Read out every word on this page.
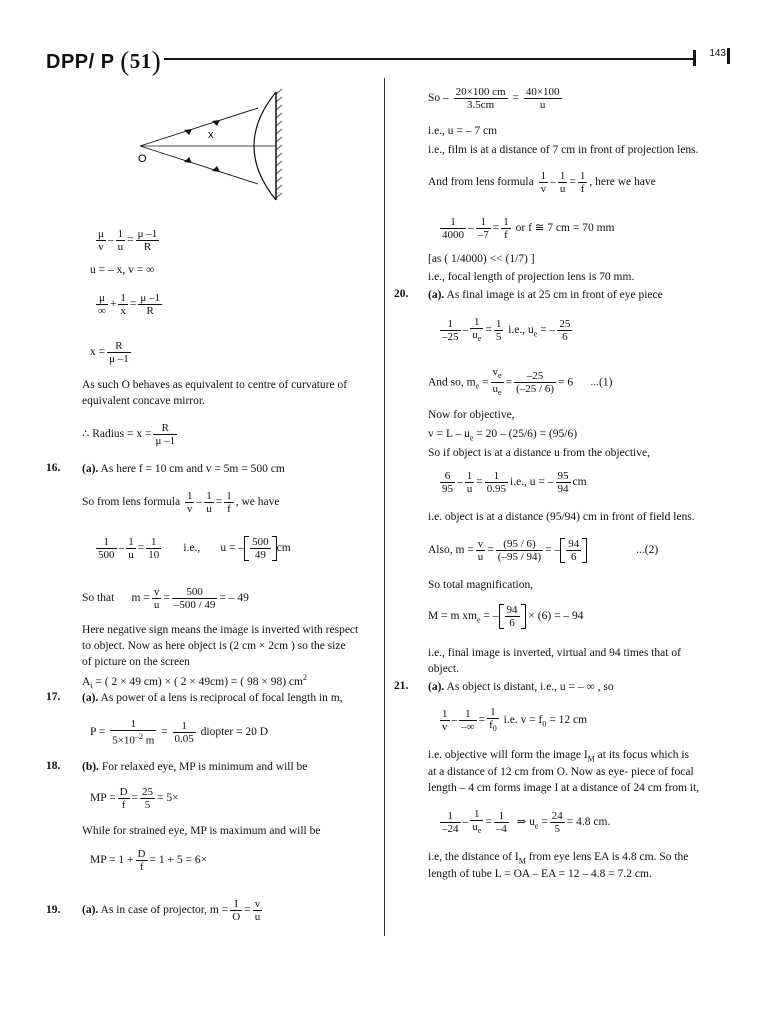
DPP/ P (51)	143
x
O
$\frac{\mu}{v} - \frac{1}{u} = \frac{\mu -1}{R}$
u = – x, v = ∞
$\frac{\mu}{\infty} + \frac{1}{x} = \frac{\mu -1}{R}$
$x = \frac{R}{\mu -1}$
As such O behaves as equivalent to centre of curvature of
equivalent concave mirror.
∴ Radius = $x = \frac{R}{\mu -1}$
16. (a). As here f = 10 cm and v = 5m = 500 cm
So from lens formula $\frac{1}{v} - \frac{1}{u} = \frac{1}{f}$ , we have
$\frac{1}{500} - \frac{1}{u} = \frac{1}{10} i.e$.,       u = – $\frac{500}{49}$ cm
So that      $m = \frac{v}{u} = \frac{500}{-500 / 49}$ = – 49
Here negative sign means the image is inverted with respect
to object. Now as here object is (2 cm × 2cm ) so the size
of picture on the screen
$A_i$ = ( 2 × 49 cm) × ( 2 × 49cm) = ( 98 × 98) $cm^2$
17. (a). As power of a lens is reciprocal of focal length in m,
$P = \frac{1}{5\times 10^{-2} m} = \frac{1}{0.05}$ diopter = 20 D
18. (b). For relaxed eye, MP is minimum and will be
MP = $\frac{D}{f} = \frac{25}{5} = 5\times$
While for strained eye, MP is maximum and will be
MP = $1 + \frac{D}{f} = 1 + 5 = 6\times$
19. (a). As in case of projector, $m = \frac{I}{O} = \frac{v}{u}$
$So - \frac{20\times 100 cm}{3.5cm} = \frac{40\times 100}{u}$
i.e., u = – 7 cm
i.e., film is at a distance of 7 cm in front of projection lens.
And from lens formula $\frac{1}{v} - \frac{1}{u} = \frac{1}{f}$ , here we have
$\frac{1}{4000} - \frac{1}{-7} = \frac{1}{f}$ or f ≅ 7 cm = 70 mm
[as ( 1/4000) << (1/7) ]
i.e., focal length of projection lens is 70 mm.
20. (a). As final image is at 25 cm in front of eye piece
$\frac{1}{-25} - \frac{1}{u_e} = \frac{1}{5} i.e$., $u_e$ = – $\frac{25}{6}$
And so, $m_e = \frac{v_e}{u_e} = \frac{-25}{(-25 / 6)} = 6$      ...(1)
Now for objective,
$v = L - u_e = 20 - (25/6) = (95/6)$
So if object is at a distance u from the objective,
$\frac{6}{95} - \frac{1}{u} = \frac{1}{0.95} i.e$., u = – $\frac{95}{94}$ cm
i.e. object is at a distance (95/94) cm in front of field lens.
Also, $m = \frac{v}{u} = \frac{(95 / 6)}{(-95 / 94)}$ = – $\frac{94}{6}$	...(2)
So total magnification,
M = m $xm_e$ = – $\frac{94}{6} \times (6)$ = – 94
i.e., final image is inverted, virtual and 94 times that of
object.
21. (a). As object is distant, i.e., u = – ∞ , so
$\frac{1}{v} - \frac{1}{-\infty} = \frac{1}{f_0} i.e$. $v = f_0 = 12$ cm
i.e. objective will form the image $I_M$ at its focus which is
at a distance of 12 cm from O. Now as eye- piece of focal
length – 4 cm forms image I at a distance of 24 cm from it,
$\frac{1}{-24} - \frac{1}{u_e} = \frac{1}{-4}$ ⇒ $u_e = \frac{24}{5} = 4.8$ cm.
i.e, the distance of $I_M$ from eye lens EA is 4.8 cm. So the
length of tube L = OA – EA = 12 – 4.8 = 7.2 cm.
